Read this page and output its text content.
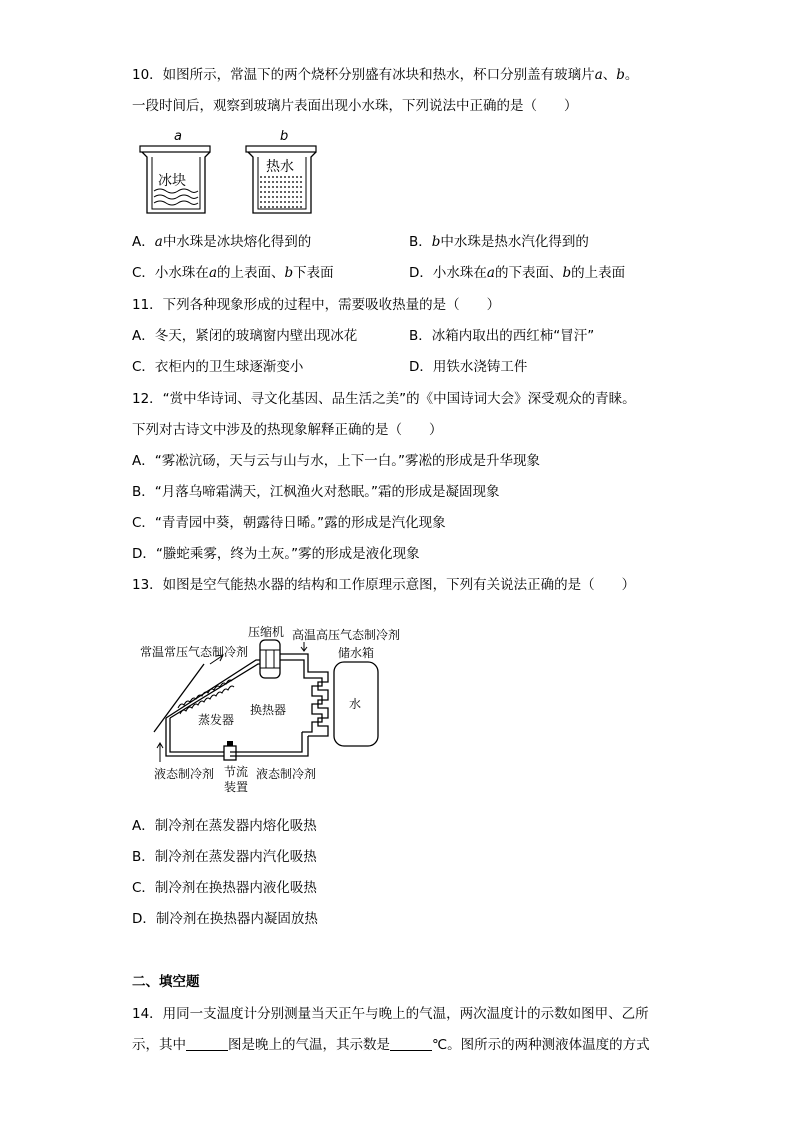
10．如图所示，常温下的两个烧杯分别盛有冰块和热水，杯口分别盖有玻璃片a、b。
一段时间后，观察到玻璃片表面出现小水珠，下列说法中正确的是（　　）
a	b
冰块
热水
A．a中水珠是冰块熔化得到的	B．b中水珠是热水汽化得到的
C．小水珠在a的上表面、b下表面	D．小水珠在a的下表面、b的上表面
11．下列各种现象形成的过程中，需要吸收热量的是（　　）
A．冬天，紧闭的玻璃窗内壁出现冰花	B．冰箱内取出的西红柿“冒汗”
C．衣柜内的卫生球逐渐变小	D．用铁水浇铸工件
12．“赏中华诗词、寻文化基因、品生活之美”的《中国诗词大会》深受观众的青睐。
下列对古诗文中涉及的热现象解释正确的是（　　）
A．“雾凇沆砀，天与云与山与水，上下一白。”雾凇的形成是升华现象
B．“月落乌啼霜满天，江枫渔火对愁眠。”霜的形成是凝固现象
C．“青青园中葵，朝露待日晞。”露的形成是汽化现象
D．“螣蛇乘雾，终为土灰。”雾的形成是液化现象
13．如图是空气能热水器的结构和工作原理示意图，下列有关说法正确的是（　　）
压缩机 高温高压气态制冷剂
常温常压气态制冷剂	储水箱
换热器
蒸发器
液态制冷剂 节流
装置
液态制冷剂
水
A．制冷剂在蒸发器内熔化吸热
B．制冷剂在蒸发器内汽化吸热
C．制冷剂在换热器内液化吸热
D．制冷剂在换热器内凝固放热
二、填空题
14．用同一支温度计分别测量当天正午与晚上的气温，两次温度计的示数如图甲、乙所
示，其中	图是晚上的气温，其示数是	℃。图所示的两种测液体温度的方式
